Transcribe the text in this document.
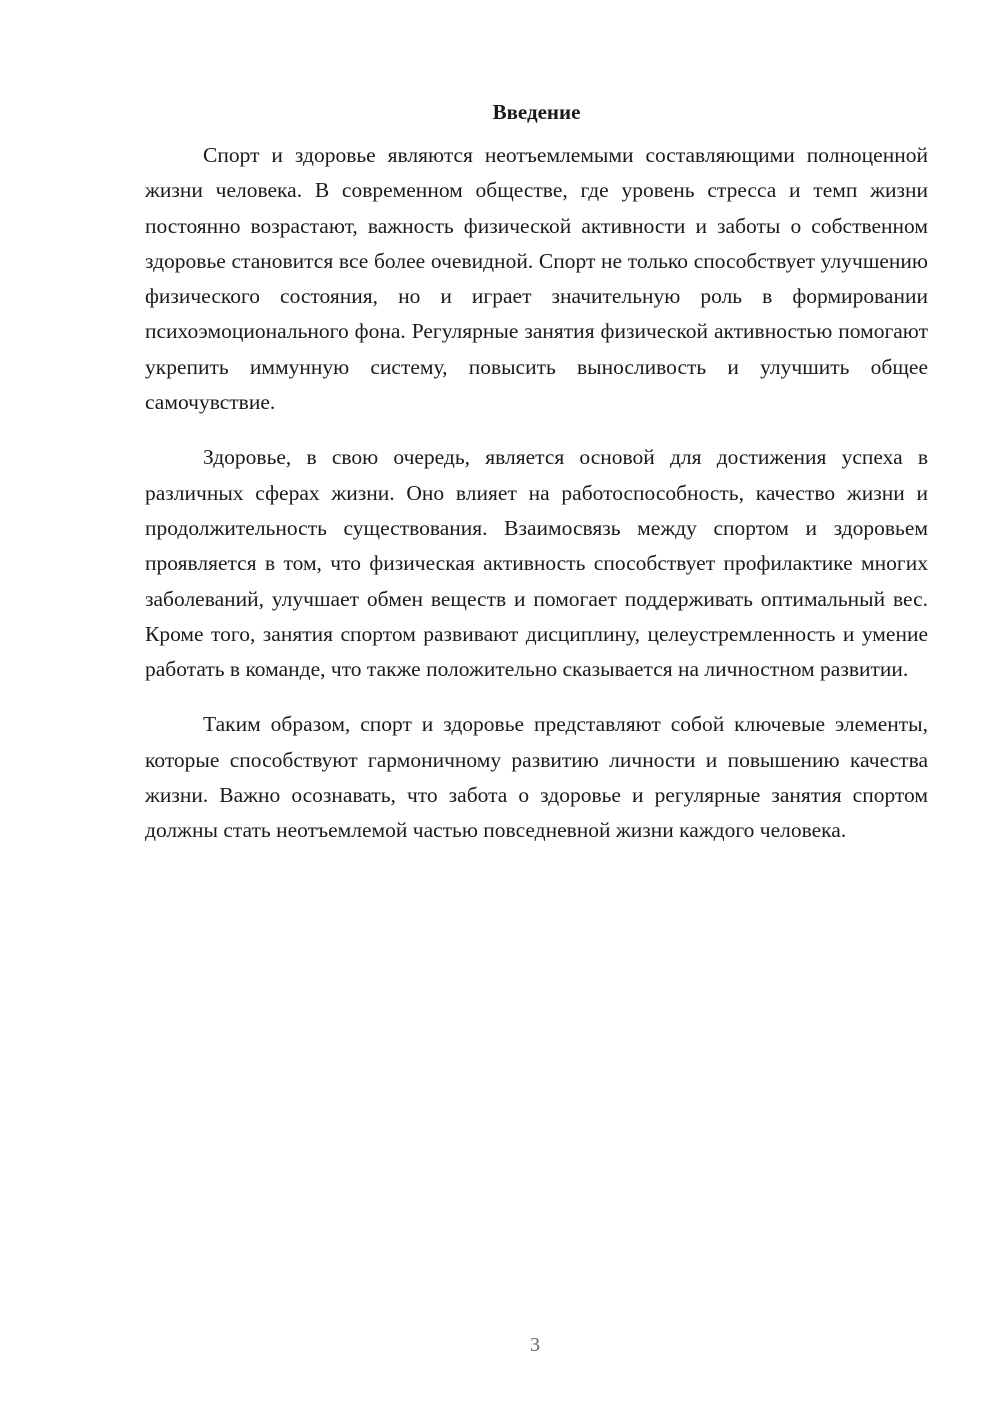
Введение

Спорт и здоровье являются неотъемлемыми составляющими полноценной жизни человека. В современном обществе, где уровень стресса и темп жизни постоянно возрастают, важность физической активности и заботы о собственном здоровье становится все более очевидной. Спорт не только способствует улучшению физического состояния, но и играет значительную роль в формировании психоэмоционального фона. Регулярные занятия физической активностью помогают укрепить иммунную систему, повысить выносливость и улучшить общее самочувствие.

Здоровье, в свою очередь, является основой для достижения успеха в различных сферах жизни. Оно влияет на работоспособность, качество жизни и продолжительность существования. Взаимосвязь между спортом и здоровьем проявляется в том, что физическая активность способствует профилактике многих заболеваний, улучшает обмен веществ и помогает поддерживать оптимальный вес. Кроме того, занятия спортом развивают дисциплину, целеустремленность и умение работать в команде, что также положительно сказывается на личностном развитии.

Таким образом, спорт и здоровье представляют собой ключевые элементы, которые способствуют гармоничному развитию личности и повышению качества жизни. Важно осознавать, что забота о здоровье и регулярные занятия спортом должны стать неотъемлемой частью повседневной жизни каждого человека.

3
